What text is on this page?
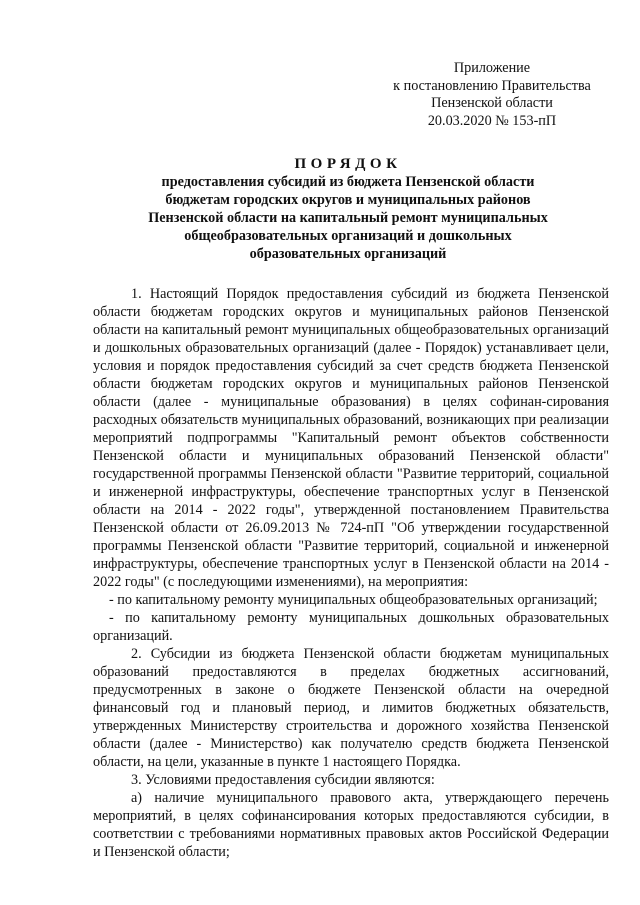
Приложение
к постановлению Правительства
Пензенской области
20.03.2020 № 153-пП
ПОРЯДОК
предоставления субсидий из бюджета Пензенской области
бюджетам городских округов и муниципальных районов
Пензенской области на капитальный ремонт муниципальных
общеобразовательных организаций и дошкольных
образовательных организаций

1. Настоящий Порядок предоставления субсидий из бюджета Пензенской области бюджетам городских округов и муниципальных районов Пензенской области на капитальный ремонт муниципальных общеобразовательных организаций и дошкольных образовательных организаций (далее - Порядок) устанавливает цели, условия и порядок предоставления субсидий за счет средств бюджета Пензенской области бюджетам городских округов и муниципальных районов Пензенской области (далее - муниципальные образования) в целях софинан-сирования расходных обязательств муниципальных образований, возникающих при реализации мероприятий подпрограммы "Капитальный ремонт объектов собственности Пензенской области и муниципальных образований Пензенской области" государственной программы Пензенской области "Развитие территорий, социальной и инженерной инфраструктуры, обеспечение транспортных услуг в Пензенской области на 2014 - 2022 годы", утвержденной постановлением Правительства Пензенской области от 26.09.2013 № 724-пП "Об утверждении государственной программы Пензенской области "Развитие территорий, социальной и инженерной инфраструктуры, обеспечение транспортных услуг в Пензенской области на 2014 - 2022 годы" (с последующими изменениями), на мероприятия:

- по капитальному ремонту муниципальных общеобразовательных организаций;

- по капитальному ремонту муниципальных дошкольных образовательных организаций.

2. Субсидии из бюджета Пензенской области бюджетам муниципальных образований предоставляются в пределах бюджетных ассигнований, предусмотренных в законе о бюджете Пензенской области на очередной финансовый год и плановый период, и лимитов бюджетных обязательств, утвержденных Министерству строительства и дорожного хозяйства Пензенской области (далее - Министерство) как получателю средств бюджета Пензенской области, на цели, указанные в пункте 1 настоящего Порядка.

3. Условиями предоставления субсидии являются:

а) наличие муниципального правового акта, утверждающего перечень мероприятий, в целях софинансирования которых предоставляются субсидии, в соответствии с требованиями нормативных правовых актов Российской Федерации и Пензенской области;
